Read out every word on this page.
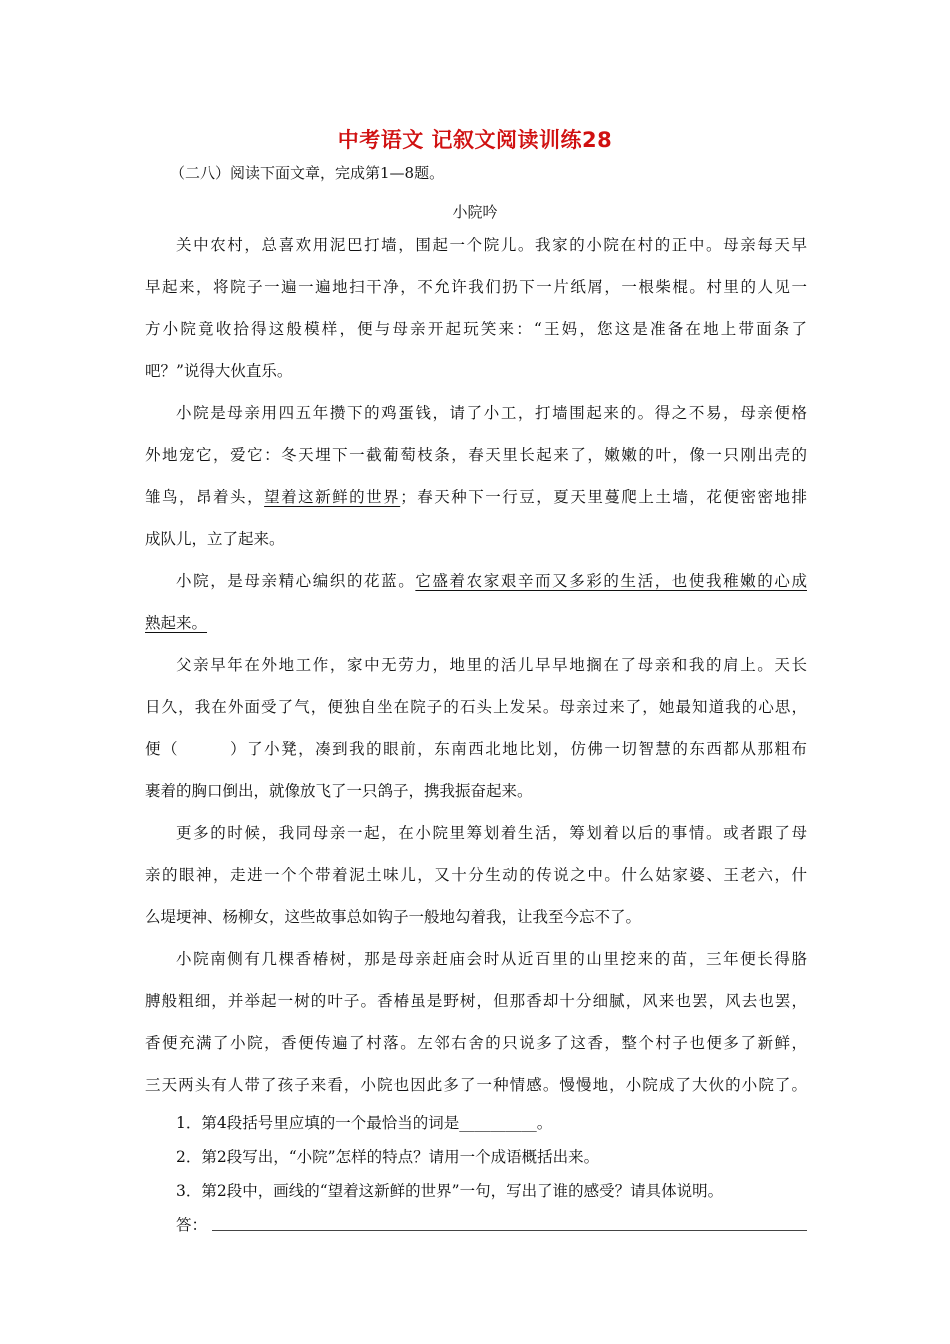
中考语文 记叙文阅读训练28
（二八）阅读下面文章，完成第1—8题。
小院吟
关中农村，总喜欢用泥巴打墙，围起一个院儿。我家的小院在村的正中。母亲每天早
早起来，将院子一遍一遍地扫干净，不允许我们扔下一片纸屑，一根柴棍。村里的人见一
方小院竟收拾得这般模样，便与母亲开起玩笑来：“王妈，您这是准备在地上带面条了
吧？”说得大伙直乐。
小院是母亲用四五年攒下的鸡蛋钱，请了小工，打墙围起来的。得之不易，母亲便格
外地宠它，爱它：冬天埋下一截葡萄枝条，春天里长起来了，嫩嫩的叶，像一只刚出壳的
雏鸟，昂着头，望着这新鲜的世界；春天种下一行豆，夏天里蔓爬上土墙，花便密密地排
成队儿，立了起来。
小院，是母亲精心编织的花蓝。它盛着农家艰辛而又多彩的生活，也使我稚嫩的心成
熟起来。
父亲早年在外地工作，家中无劳力，地里的活儿早早地搁在了母亲和我的肩上。天长
日久，我在外面受了气，便独自坐在院子的石头上发呆。母亲过来了，她最知道我的心思，
便（　　　）了小凳，凑到我的眼前，东南西北地比划，仿佛一切智慧的东西都从那粗布
裹着的胸口倒出，就像放飞了一只鸽子，携我振奋起来。
更多的时候，我同母亲一起，在小院里筹划着生活，筹划着以后的事情。或者跟了母
亲的眼神，走进一个个带着泥土味儿，又十分生动的传说之中。什么姑家婆、王老六，什
么堤埂神、杨柳女，这些故事总如钩子一般地勾着我，让我至今忘不了。
小院南侧有几棵香椿树，那是母亲赶庙会时从近百里的山里挖来的苗，三年便长得胳
膊般粗细，并举起一树的叶子。香椿虽是野树，但那香却十分细腻，风来也罢，风去也罢，
香便充满了小院，香便传遍了村落。左邻右舍的只说多了这香，整个村子也便多了新鲜，
三天两头有人带了孩子来看，小院也因此多了一种情感。慢慢地，小院成了大伙的小院了。
1．第4段括号里应填的一个最恰当的词是__________。
2．第2段写出，“小院”怎样的特点？请用一个成语概括出来。
3．第2段中，画线的“望着这新鲜的世界”一句，写出了谁的感受？请具体说明。
答：
